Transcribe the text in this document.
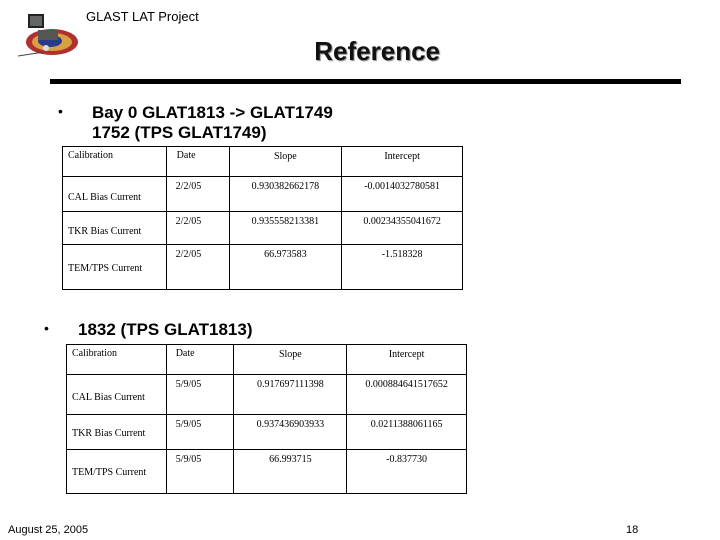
GLAST LAT Project
Reference
• Bay 0 GLAT1813 -> GLAT1749
1752 (TPS GLAT1749)
Calibration	Date	Slope	Intercept

CAL Bias Current	2/2/05	0.930382662178	-0.0014032780581

TKR Bias Current	2/2/05	0.935558213381	0.00234355041672

TEM/TPS Current	2/2/05	66.973583	-1.518328
• 1832 (TPS GLAT1813)
Calibration	Date	Slope	Intercept

CAL Bias Current	5/9/05	0.917697111398	0.000884641517652

TKR Bias Current	5/9/05	0.937436903933	0.0211388061165

TEM/TPS Current	5/9/05	66.993715	-0.837730
August 25, 2005	18
